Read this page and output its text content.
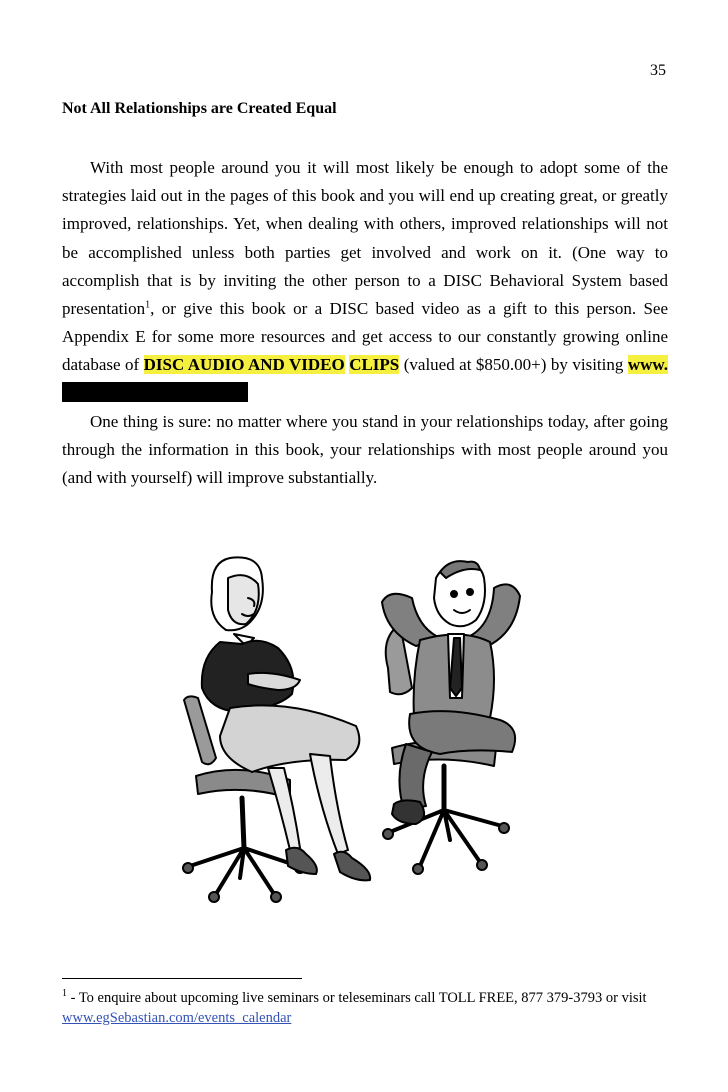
35
Not All Relationships are Created Equal

With most people around you it will most likely be enough to adopt some of the strategies laid out in the pages of this book and you will end up creating great, or greatly improved, relationships. Yet, when dealing with others, improved relationships will not be accomplished unless both parties get involved and work on it. (One way to accomplish that is by inviting the other person to a DISC Behavioral System based presentation$^1$, or give this book or a DISC based video as a gift to this person. See Appendix E for some more resources and get access to our constantly growing online database of DISC AUDIO AND VIDEO CLIPS (valued at $850.00+) by visiting www.

One thing is sure: no matter where you stand in your relationships today, after going through the information in this book, your relationships with most people around you (and with yourself) will improve substantially.

$^1$ - To enquire about upcoming live seminars or teleseminars call TOLL FREE, 877 379-3793 or visit www.egSebastian.com/events_calendar
